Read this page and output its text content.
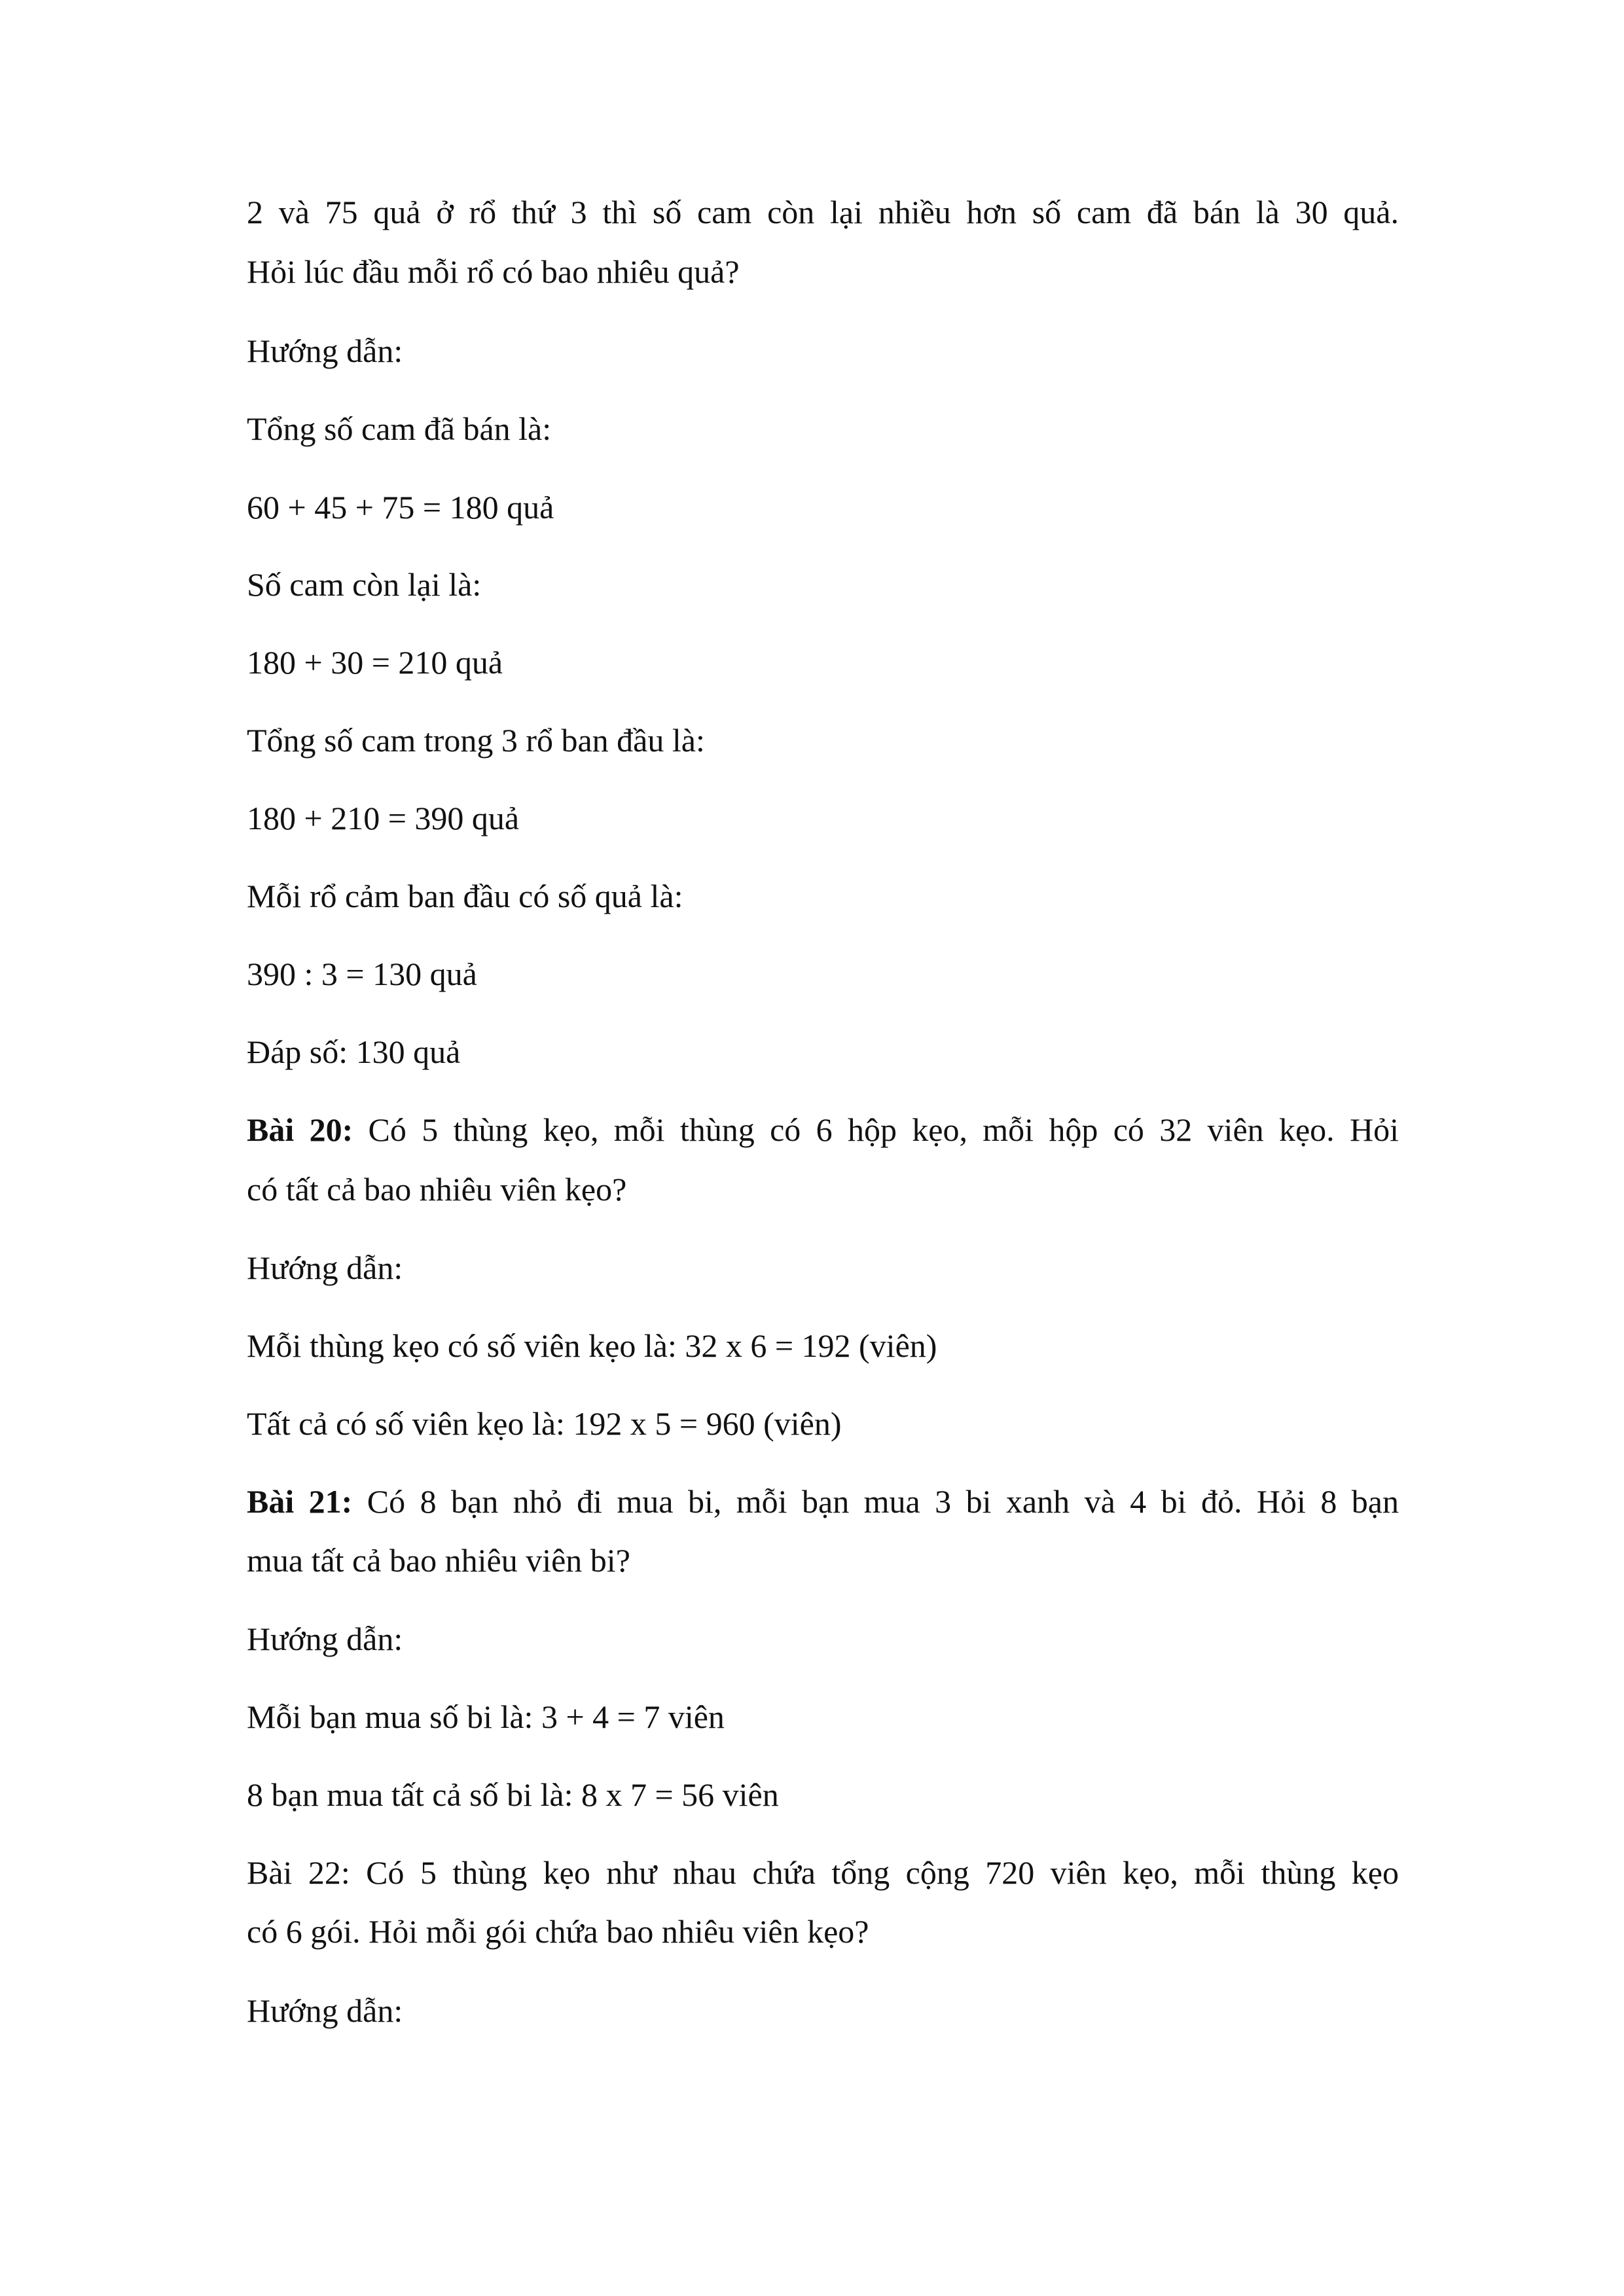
2 và 75 quả ở rổ thứ 3 thì số cam còn lại nhiều hơn số cam đã bán là 30 quả.
Hỏi lúc đầu mỗi rổ có bao nhiêu quả?
Hướng dẫn:
Tổng số cam đã bán là:
60 + 45 + 75 = 180 quả
Số cam còn lại là:
180 + 30 = 210 quả
Tổng số cam trong 3 rổ ban đầu là:
180 + 210 = 390 quả
Mỗi rổ cảm ban đầu có số quả là:
390 : 3 = 130 quả
Đáp số: 130 quả
Bài 20: Có 5 thùng kẹo, mỗi thùng có 6 hộp kẹo, mỗi hộp có 32 viên kẹo. Hỏi
có tất cả bao nhiêu viên kẹo?
Hướng dẫn:
Mỗi thùng kẹo có số viên kẹo là: 32 x 6 = 192 (viên)
Tất cả có số viên kẹo là: 192 x 5 = 960 (viên)
Bài 21: Có 8 bạn nhỏ đi mua bi, mỗi bạn mua 3 bi xanh và 4 bi đỏ. Hỏi 8 bạn
mua tất cả bao nhiêu viên bi?
Hướng dẫn:
Mỗi bạn mua số bi là: 3 + 4 = 7 viên
8 bạn mua tất cả số bi là: 8 x 7 = 56 viên
Bài 22: Có 5 thùng kẹo như nhau chứa tổng cộng 720 viên kẹo, mỗi thùng kẹo
có 6 gói. Hỏi mỗi gói chứa bao nhiêu viên kẹo?
Hướng dẫn:
